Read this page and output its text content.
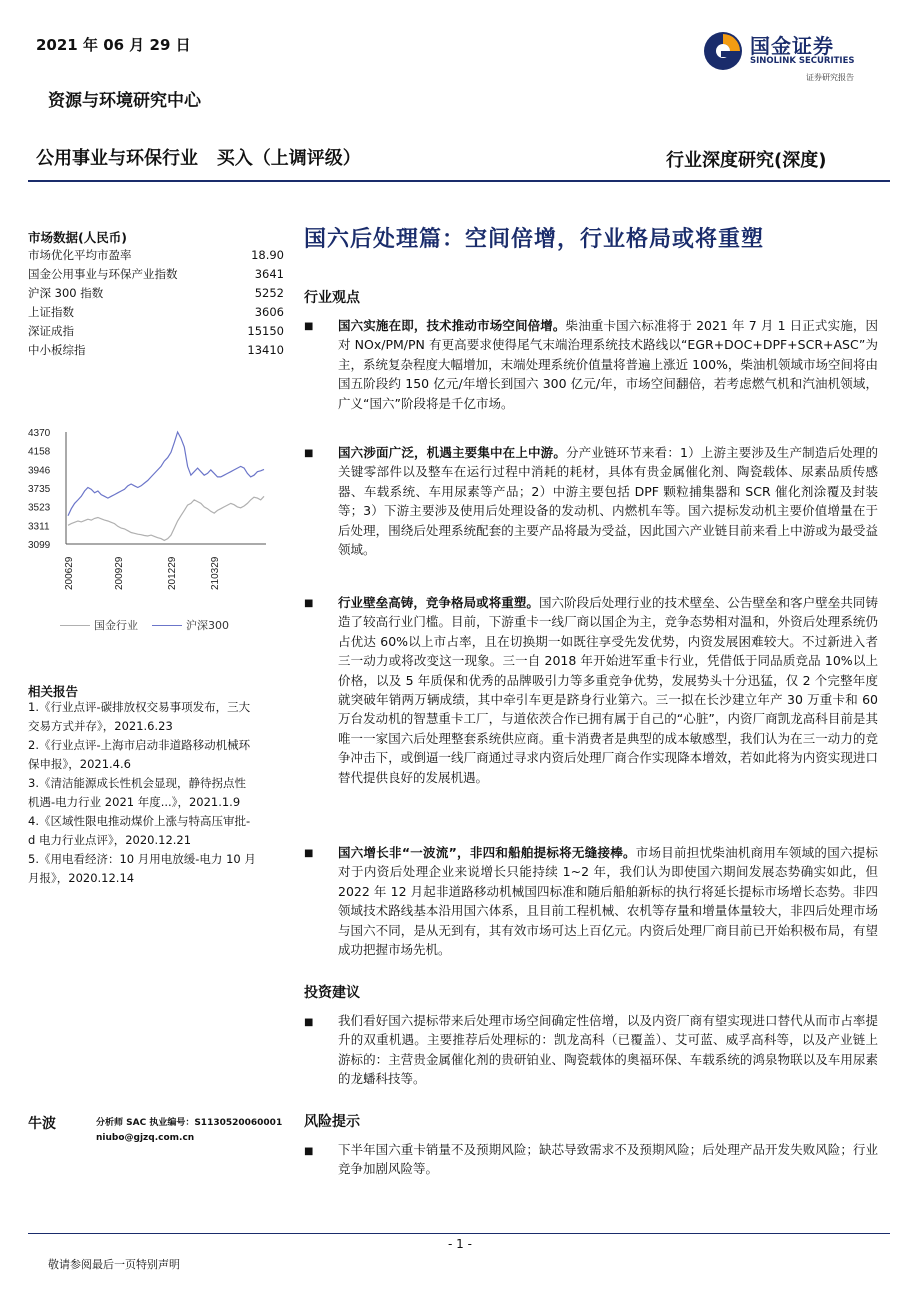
2021 年 06 月 29 日	国金证券
SINOLINK SECURITIES
证券研究报告
资源与环境研究中心
公用事业与环保行业   买入（上调评级）	行业深度研究(深度)
国六后处理篇：空间倍增，行业格局或将重塑
市场数据(人民币)
市场优化平均市盈率	18.90
国金公用事业与环保产业指数	3641
沪深 300 指数	5252
上证指数	3606
深证成指	15150
中小板综指	13410
4370
4158
3946
3735
3523
3311
3099
200629	200929	201229	210329
国金行业	沪深300
相关报告
1.《行业点评-碳排放权交易事项发布，三大
交易方式并存》，2021.6.23
2.《行业点评-上海市启动非道路移动机械环
保申报》，2021.4.6
3.《清洁能源成长性机会显现，静待拐点性
机遇-电力行业 2021 年度...》，2021.1.9
4.《区域性限电推动煤价上涨与特高压审批-
d 电力行业点评》，2020.12.21
5.《用电看经济：10 月用电放缓-电力 10 月
月报》，2020.12.14
牛波	分析师 SAC 执业编号：S1130520060001
niubo@gjzq.com.cn
行业观点
■ 国六实施在即，技术推动市场空间倍增。柴油重卡国六标准将于 2021 年 7 月 1 日正式实施，因对 NOx/PM/PN 有更高要求使得尾气末端治理系统技术路线以“EGR+DOC+DPF+SCR+ASC”为主，系统复杂程度大幅增加，末端处理系统价值量将普遍上涨近 100%，柴油机领域市场空间将由国五阶段约 150 亿元/年增长到国六 300 亿元/年，市场空间翻倍，若考虑燃气机和汽油机领域，广义“国六”阶段将是千亿市场。
■ 国六涉面广泛，机遇主要集中在上中游。分产业链环节来看：1）上游主要涉及生产制造后处理的关键零部件以及整车在运行过程中消耗的耗材，具体有贵金属催化剂、陶瓷载体、尿素品质传感器、车载系统、车用尿素等产品；2）中游主要包括 DPF 颗粒捕集器和 SCR 催化剂涂覆及封装等；3）下游主要涉及使用后处理设备的发动机、内燃机车等。国六提标发动机主要价值增量在于后处理，围绕后处理系统配套的主要产品将最为受益，因此国六产业链目前来看上中游或为最受益领域。
■ 行业壁垒高铸，竞争格局或将重塑。国六阶段后处理行业的技术壁垒、公告壁垒和客户壁垒共同铸造了较高行业门槛。目前，下游重卡一线厂商以国企为主，竞争态势相对温和，外资后处理系统仍占优达 60%以上市占率，且在切换期一如既往享受先发优势，内资发展困难较大。不过新进入者三一动力或将改变这一现象。三一自 2018 年开始进军重卡行业，凭借低于同品质竞品 10%以上价格，以及 5 年质保和优秀的品牌吸引力等多重竞争优势，发展势头十分迅猛，仅 2 个完整年度就突破年销两万辆成绩，其中牵引车更是跻身行业第六。三一拟在长沙建立年产 30 万重卡和 60 万台发动机的智慧重卡工厂，与道依茨合作已拥有属于自己的“心脏”，内资厂商凯龙高科目前是其唯一一家国六后处理整套系统供应商。重卡消费者是典型的成本敏感型，我们认为在三一动力的竞争冲击下，或倒逼一线厂商通过寻求内资后处理厂商合作实现降本增效，若如此将为内资实现进口替代提供良好的发展机遇。
■ 国六增长非“一波流”，非四和船舶提标将无缝接棒。市场目前担忧柴油机商用车领域的国六提标对于内资后处理企业来说增长只能持续 1~2 年，我们认为即使国六期间发展态势确实如此，但 2022 年 12 月起非道路移动机械国四标准和随后船舶新标的执行将延长提标市场增长态势。非四领域技术路线基本沿用国六体系，且目前工程机械、农机等存量和增量体量较大，非四后处理市场与国六不同，是从无到有，其有效市场可达上百亿元。内资后处理厂商目前已开始积极布局，有望成功把握市场先机。
投资建议
■ 我们看好国六提标带来后处理市场空间确定性倍增，以及内资厂商有望实现进口替代从而市占率提升的双重机遇。主要推荐后处理标的：凯龙高科（已覆盖）、艾可蓝、威孚高科等，以及产业链上游标的：主营贵金属催化剂的贵研铂业、陶瓷载体的奥福环保、车载系统的鸿泉物联以及车用尿素的龙蟠科技等。
风险提示
■ 下半年国六重卡销量不及预期风险；缺芯导致需求不及预期风险；后处理产品开发失败风险；行业竞争加剧风险等。
- 1 -
敬请参阅最后一页特别声明
